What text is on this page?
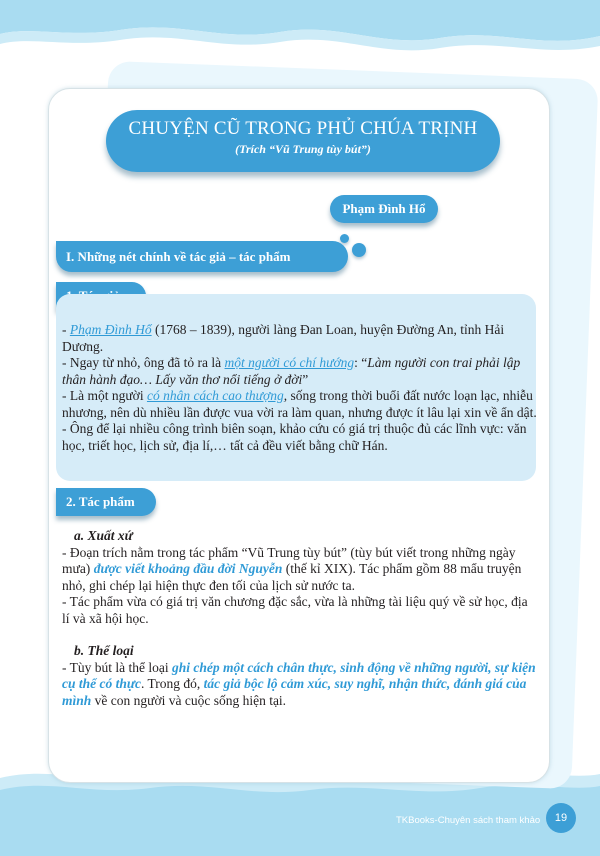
CHUYỆN CŨ TRONG PHỦ CHÚA TRỊNH
(Trích “Vũ Trung tùy bút”)
Phạm Đình Hổ
I. Những nét chính về tác giả – tác phẩm

- Phạm Đình Hổ (1768 – 1839), người làng Đan Loan, huyện Đường An, tỉnh Hải Dương.

- Ngay từ nhỏ, ông đã tỏ ra là một người có chí hướng: “Làm người con trai phải lập thân hành đạo… Lấy văn thơ nổi tiếng ở đời”

- Là một người có nhân cách cao thượng, sống trong thời buổi đất nước loạn lạc, nhiễu nhương, nên dù nhiều lần được vua vời ra làm quan, nhưng được ít lâu lại xin về ẩn dật.

- Ông để lại nhiều công trình biên soạn, khảo cứu có giá trị thuộc đủ các lĩnh vực: văn học, triết học, lịch sử, địa lí,… tất cả đều viết bằng chữ Hán.

2. Tác phẩm

a. Xuất xứ

- Đoạn trích nằm trong tác phẩm “Vũ Trung tùy bút” (tùy bút viết trong những ngày mưa) được viết khoảng đầu đời Nguyễn (thế kỉ XIX). Tác phẩm gồm 88 mẩu truyện nhỏ, ghi chép lại hiện thực đen tối của lịch sử nước ta.

- Tác phẩm vừa có giá trị văn chương đặc sắc, vừa là những tài liệu quý về sử học, địa lí và xã hội học.

b. Thể loại

- Tùy bút là thể loại ghi chép một cách chân thực, sinh động về những người, sự kiện cụ thể có thực. Trong đó, tác giả bộc lộ cảm xúc, suy nghĩ, nhận thức, đánh giá của mình về con người và cuộc sống hiện tại.

TKBooks-Chuyên sách tham khảo	19
